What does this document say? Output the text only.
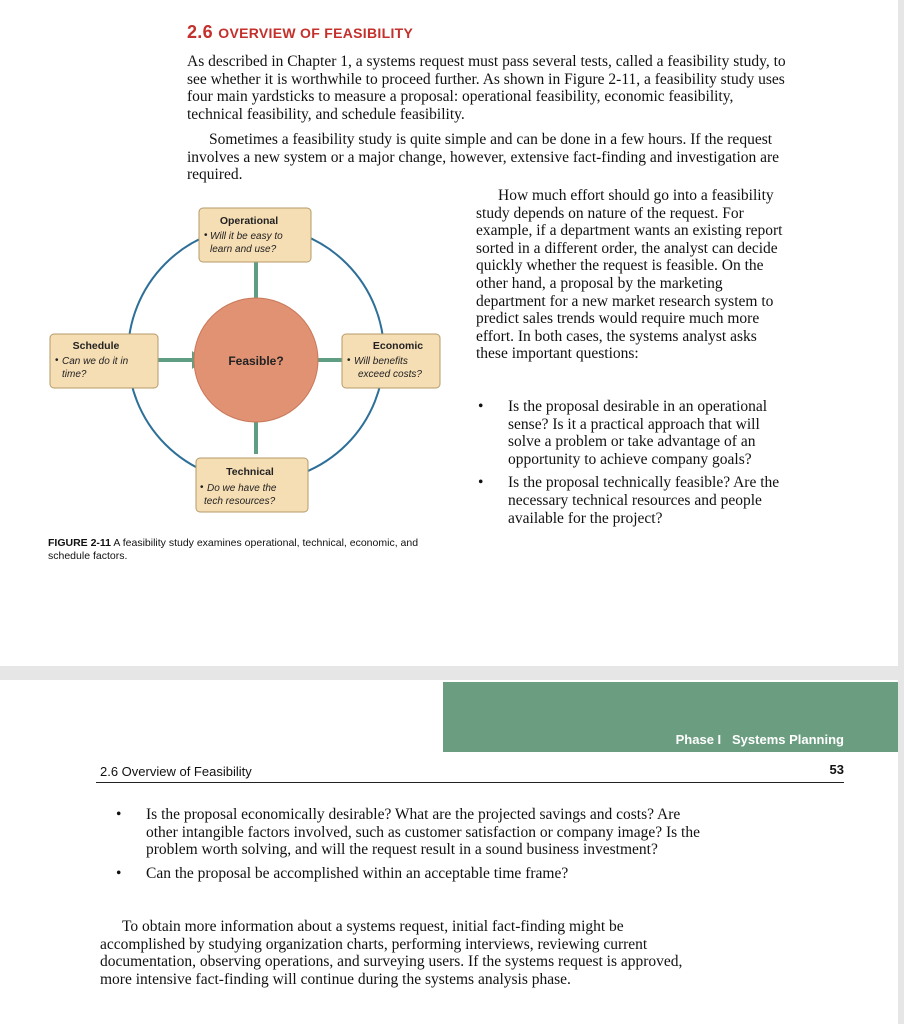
2.6 OVERVIEW OF FEASIBILITY

As described in Chapter 1, a systems request must pass several tests, called a feasibility study, to see whether it is worthwhile to proceed further. As shown in Figure 2-11, a feasibility study uses four main yardsticks to measure a proposal: operational feasibility, economic feasibility, technical feasibility, and schedule feasibility.

Sometimes a feasibility study is quite simple and can be done in a few hours. If the request involves a new system or a major change, however, extensive fact-finding and investigation are required.

How much effort should go into a feasibility study depends on nature of the request. For example, if a department wants an existing report sorted in a different order, the analyst can decide quickly whether the request is feasible. On the other hand, a proposal by the marketing department for a new market research system to predict sales trends would require much more effort. In both cases, the systems analyst asks these important questions:

• Is the proposal desirable in an operational sense? Is it a practical approach that will solve a problem or take advantage of an opportunity to achieve company goals?
• Is the proposal technically feasible? Are the necessary technical resources and people available for the project?
Feasible?
Operational
• Will it be easy to
learn and use?
Schedule
• Can we do it in
time?
Economic
• Will benefits
exceed costs?
Technical
• Do we have the
tech resources?

FIGURE 2-11 A feasibility study examines operational, technical, economic, and schedule factors.

Phase I Systems Planning
2.6 Overview of Feasibility	53
• Is the proposal economically desirable? What are the projected savings and costs? Are other intangible factors involved, such as customer satisfaction or company image? Is the problem worth solving, and will the request result in a sound business investment?
• Can the proposal be accomplished within an acceptable time frame?

To obtain more information about a systems request, initial fact-finding might be accomplished by studying organization charts, performing interviews, reviewing current documentation, observing operations, and surveying users. If the systems request is approved, more intensive fact-finding will continue during the systems analysis phase.
